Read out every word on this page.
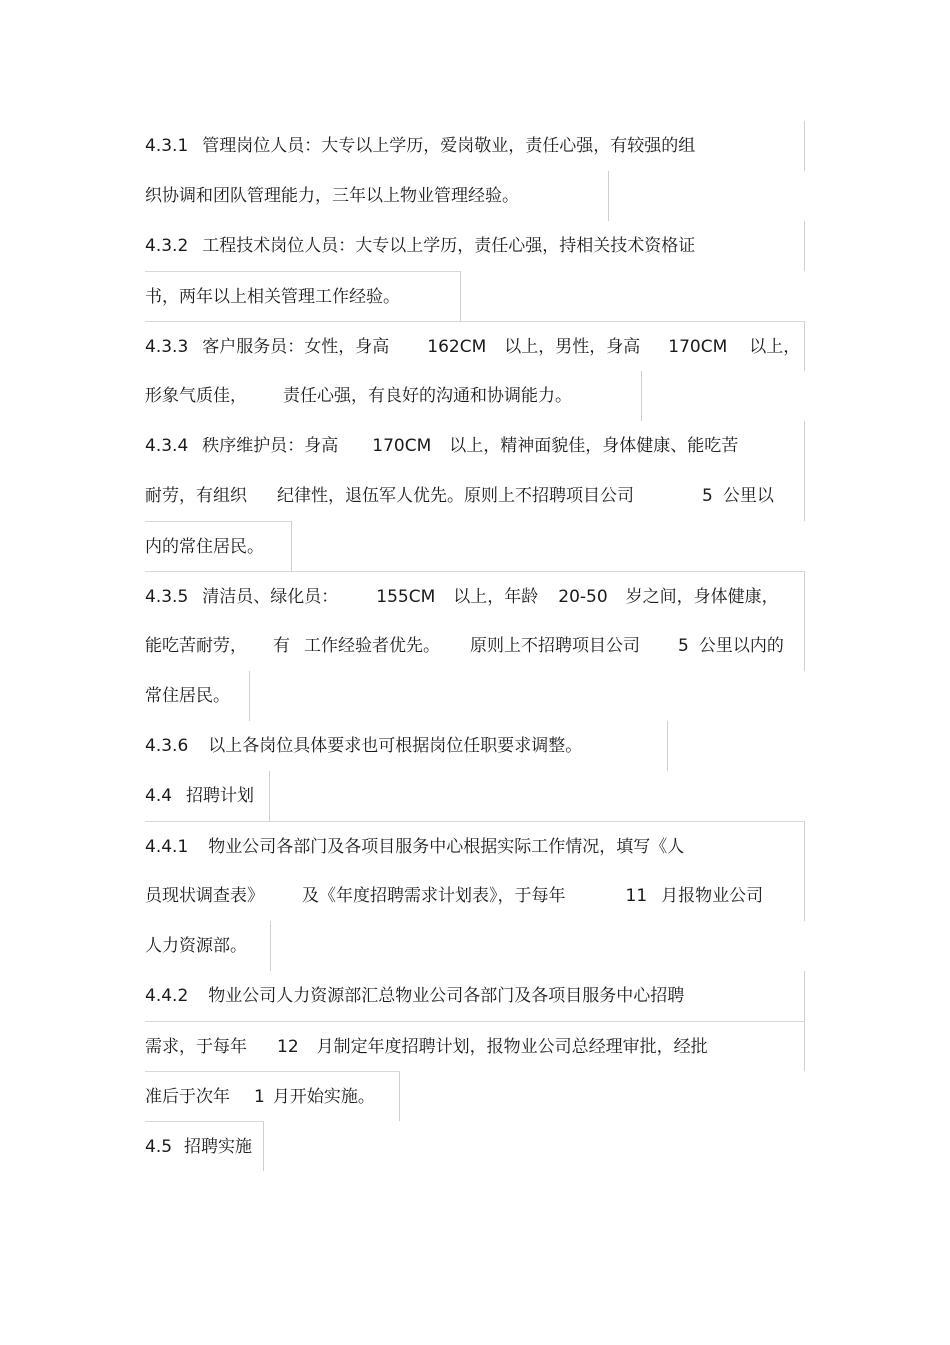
4.3.1 管理岗位人员：大专以上学历，爱岗敬业，责任心强，有较强的组
织协调和团队管理能力，三年以上物业管理经验。
4.3.2 工程技术岗位人员：大专以上学历，责任心强，持相关技术资格证
书，两年以上相关管理工作经验。
4.3.3 客户服务员：女性，身高 162CM 以上，男性，身高 170CM 以上，
形象气质佳， 责任心强，有良好的沟通和协调能力。
4.3.4 秩序维护员：身高 170CM 以上，精神面貌佳，身体健康、能吃苦
耐劳，有组织 纪律性，退伍军人优先。原则上不招聘项目公司	5 公里以
内的常住居民。
4.3.5 清洁员、绿化员： 155CM 以上，年龄 20-50 岁之间，身体健康，
能吃苦耐劳， 有 工作经验者优先。 原则上不招聘项目公司 5 公里以内的
常住居民。
4.3.6 以上各岗位具体要求也可根据岗位任职要求调整。
4.4 招聘计划
4.4.1 物业公司各部门及各项目服务中心根据实际工作情况，填写《人
员现状调查表》 及《年度招聘需求计划表》，于每年	11 月报物业公司
人力资源部。
4.4.2 物业公司人力资源部汇总物业公司各部门及各项目服务中心招聘
需求，于每年 12 月制定年度招聘计划，报物业公司总经理审批，经批
准后于次年 1 月开始实施。
4.5 招聘实施
